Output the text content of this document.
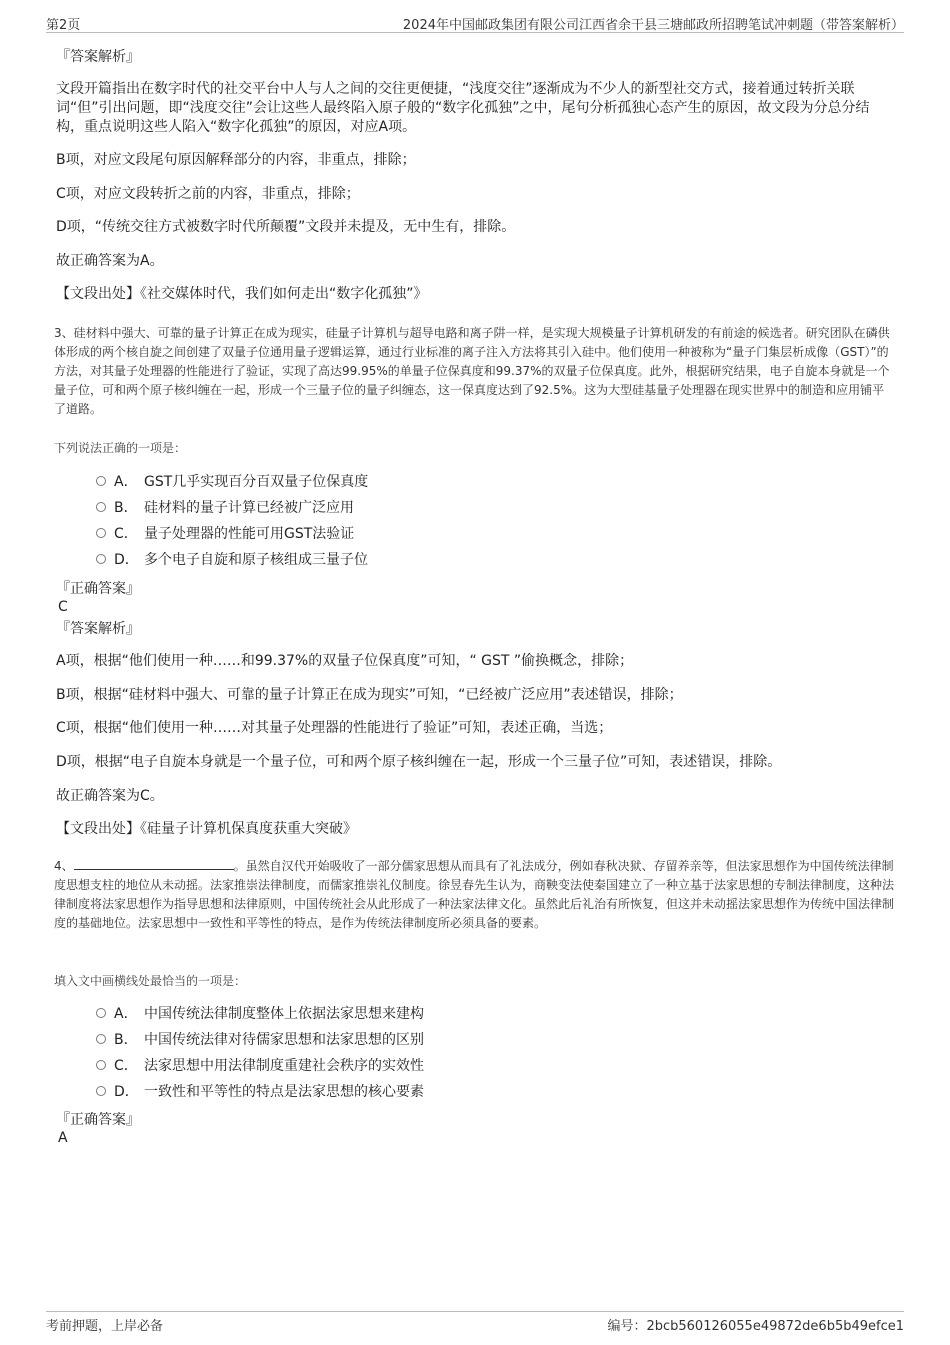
第2页	2024年中国邮政集团有限公司江西省余干县三塘邮政所招聘笔试冲刺题（带答案解析）
『答案解析』
文段开篇指出在数字时代的社交平台中人与人之间的交往更便捷，“浅度交往”逐渐成为不少人的新型社交方式，接着通过转折关联词“但”引出问题，即“浅度交往”会让这些人最终陷入原子般的“数字化孤独”之中，尾句分析孤独心态产生的原因，故文段为分总分结构，重点说明这些人陷入“数字化孤独”的原因，对应A项。
B项，对应文段尾句原因解释部分的内容，非重点，排除；
C项，对应文段转折之前的内容，非重点，排除；
D项，“传统交往方式被数字时代所颠覆”文段并未提及，无中生有，排除。
故正确答案为A。
【文段出处】《社交媒体时代，我们如何走出“数字化孤独”》
3、硅材料中强大、可靠的量子计算正在成为现实，硅量子计算机与超导电路和离子阱一样，是实现大规模量子计算机研发的有前途的候选者。研究团队在磷供体形成的两个核自旋之间创建了双量子位通用量子逻辑运算，通过行业标准的离子注入方法将其引入硅中。他们使用一种被称为“量子门集层析成像（GST）”的方法，对其量子处理器的性能进行了验证，实现了高达99.95%的单量子位保真度和99.37%的双量子位保真度。此外，根据研究结果，电子自旋本身就是一个量子位，可和两个原子核纠缠在一起，形成一个三量子位的量子纠缠态，这一保真度达到了92.5%。这为大型硅基量子处理器在现实世界中的制造和应用铺平了道路。
下列说法正确的一项是：
A． GST几乎实现百分百双量子位保真度
B． 硅材料的量子计算已经被广泛应用
C． 量子处理器的性能可用GST法验证
D． 多个电子自旋和原子核组成三量子位
『正确答案』
C
『答案解析』
A项，根据“他们使用一种……和99.37%的双量子位保真度”可知，“ GST ”偷换概念，排除；
B项，根据“硅材料中强大、可靠的量子计算正在成为现实”可知，“已经被广泛应用”表述错误，排除；
C项，根据“他们使用一种……对其量子处理器的性能进行了验证”可知，表述正确，当选；
D项，根据“电子自旋本身就是一个量子位，可和两个原子核纠缠在一起，形成一个三量子位”可知，表述错误，排除。
故正确答案为C。
【文段出处】《硅量子计算机保真度获重大突破》
4、	。虽然自汉代开始吸收了一部分儒家思想从而具有了礼法成分，例如春秋决狱、存留养亲等，但法家思想作为中国传统法律制度思想支柱的地位从未动摇。法家推崇法律制度，而儒家推崇礼仪制度。徐昱春先生认为，商鞅变法使秦国建立了一种立基于法家思想的专制法律制度，这种法律制度将法家思想作为指导思想和法律原则，中国传统社会从此形成了一种法家法律文化。虽然此后礼治有所恢复，但这并未动摇法家思想作为传统中国法律制度的基础地位。法家思想中一致性和平等性的特点，是作为传统法律制度所必须具备的要素。
填入文中画横线处最恰当的一项是：
A． 中国传统法律制度整体上依据法家思想来建构
B． 中国传统法律对待儒家思想和法家思想的区别
C． 法家思想中用法律制度重建社会秩序的实效性
D． 一致性和平等性的特点是法家思想的核心要素
『正确答案』
A
考前押题，上岸必备	编号：2bcb560126055e49872de6b5b49efce1
